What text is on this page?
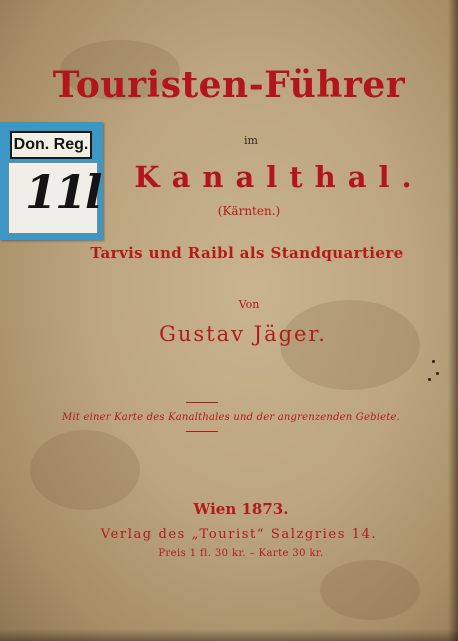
Touristen-Führer
im
Kanalthal.
(Kärnten.)
Tarvis und Raibl als Standquartiere
Von
Gustav Jäger.
Mit einer Karte des Kanalthales und der angrenzenden Gebiete.
Wien 1873.
Verlag des „Tourist“ Salzgries 14.
Preis 1 fl. 30 kr. – Karte 30 kr.
Don. Reg.
11l
